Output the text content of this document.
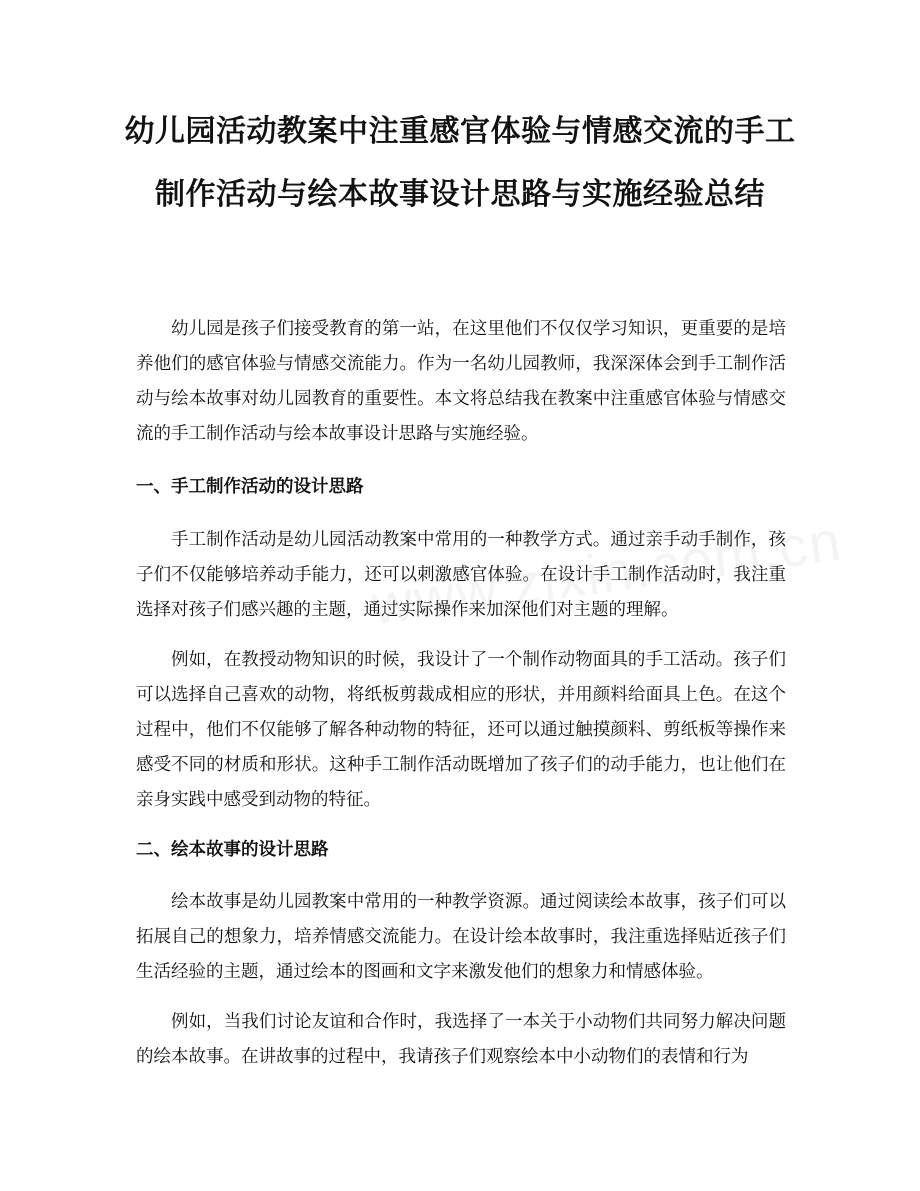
幼儿园活动教案中注重感官体验与情感交流的手工制作活动与绘本故事设计思路与实施经验总结

幼儿园是孩子们接受教育的第一站，在这里他们不仅仅学习知识，更重要的是培养他们的感官体验与情感交流能力。作为一名幼儿园教师，我深深体会到手工制作活动与绘本故事对幼儿园教育的重要性。本文将总结我在教案中注重感官体验与情感交流的手工制作活动与绘本故事设计思路与实施经验。

一、手工制作活动的设计思路

手工制作活动是幼儿园活动教案中常用的一种教学方式。通过亲手动手制作，孩子们不仅能够培养动手能力，还可以刺激感官体验。在设计手工制作活动时，我注重选择对孩子们感兴趣的主题，通过实际操作来加深他们对主题的理解。

例如，在教授动物知识的时候，我设计了一个制作动物面具的手工活动。孩子们可以选择自己喜欢的动物，将纸板剪裁成相应的形状，并用颜料给面具上色。在这个过程中，他们不仅能够了解各种动物的特征，还可以通过触摸颜料、剪纸板等操作来感受不同的材质和形状。这种手工制作活动既增加了孩子们的动手能力，也让他们在亲身实践中感受到动物的特征。

二、绘本故事的设计思路

绘本故事是幼儿园教案中常用的一种教学资源。通过阅读绘本故事，孩子们可以拓展自己的想象力，培养情感交流能力。在设计绘本故事时，我注重选择贴近孩子们生活经验的主题，通过绘本的图画和文字来激发他们的想象力和情感体验。

例如，当我们讨论友谊和合作时，我选择了一本关于小动物们共同努力解决问题的绘本故事。在讲故事的过程中，我请孩子们观察绘本中小动物们的表情和行为
